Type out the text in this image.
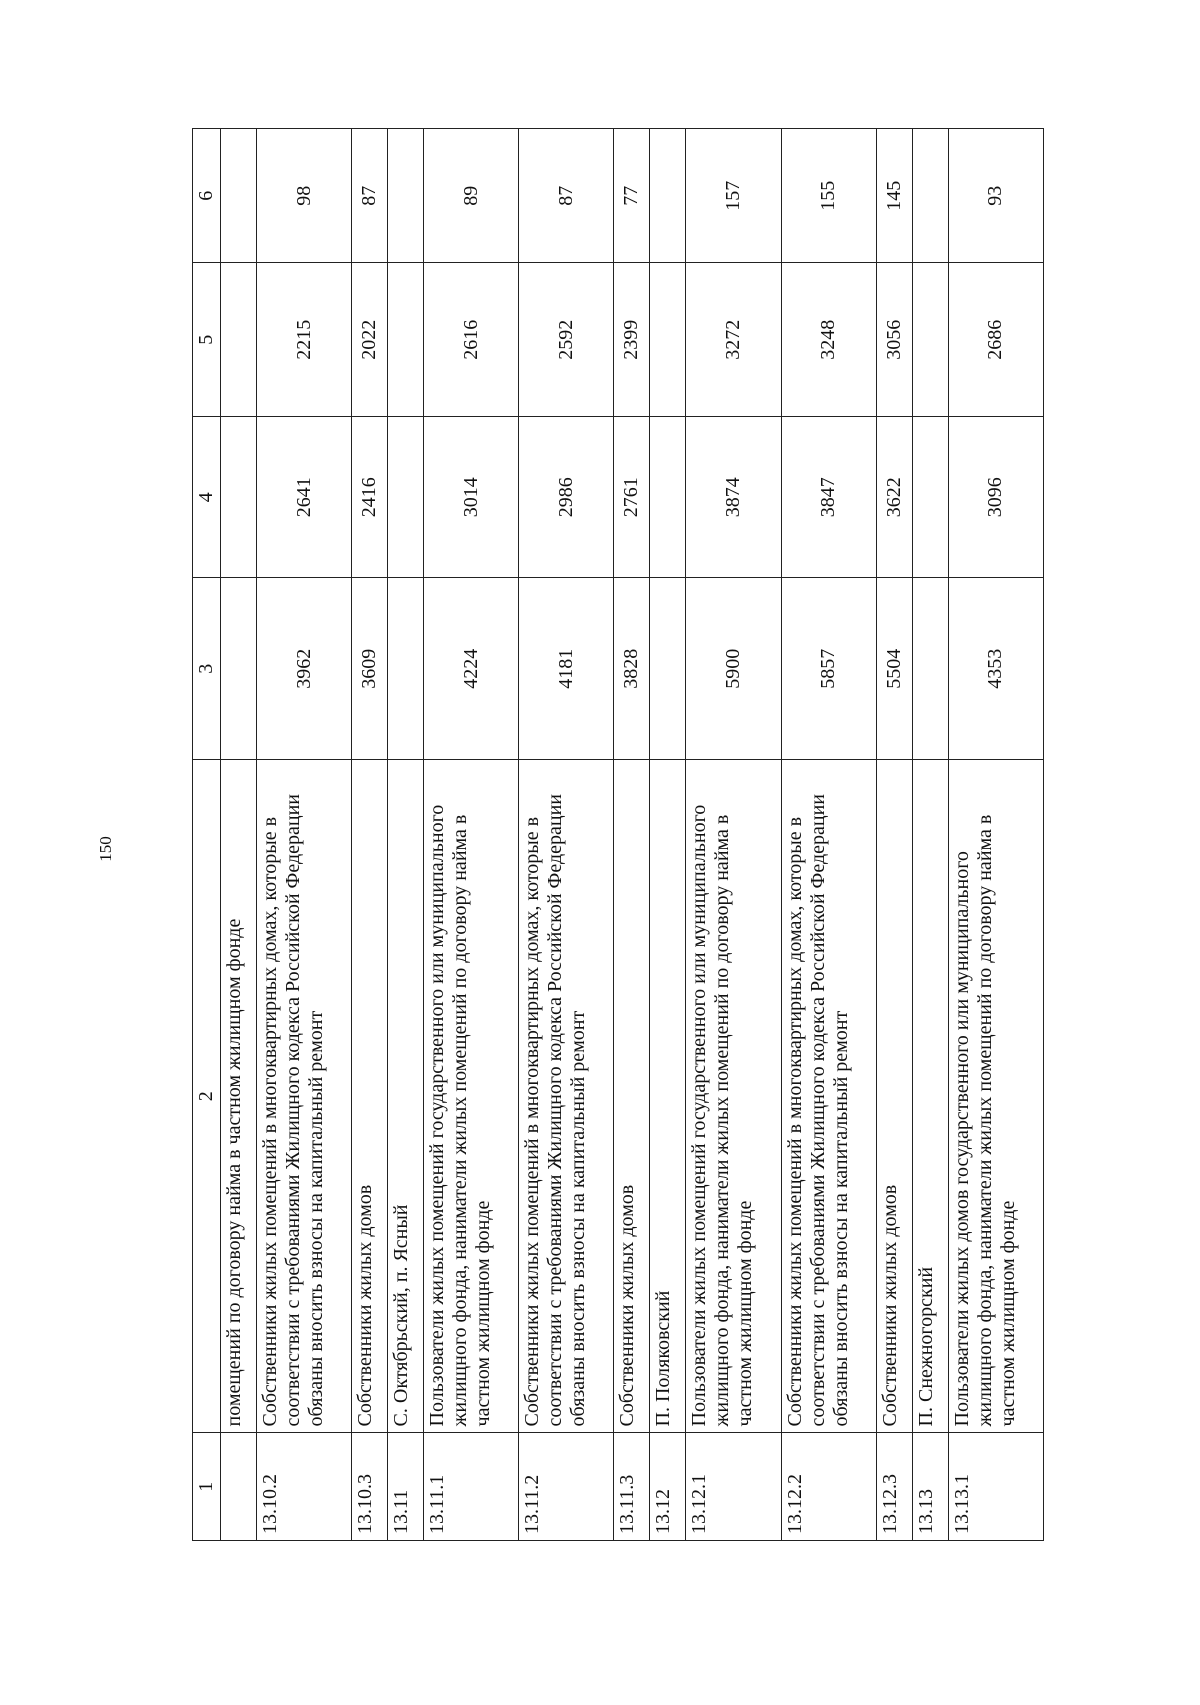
150
1	2	3	4	5	6
	помещений по договору найма в частном жилищном фонде				
13.10.2	Собственники жилых помещений в многоквартирных домах, которые в соответствии с требованиями Жилищного кодекса Российской Федерации обязаны вносить взносы на капитальный ремонт	3962	2641	2215	98
13.10.3	Собственники жилых домов	3609	2416	2022	87
13.11	С. Октябрьский, п. Ясный				
13.11.1	Пользователи жилых помещений государственного или муниципального жилищного фонда, наниматели жилых помещений по договору найма в частном жилищном фонде	4224	3014	2616	89
13.11.2	Собственники жилых помещений в многоквартирных домах, которые в соответствии с требованиями Жилищного кодекса Российской Федерации обязаны вносить взносы на капитальный ремонт	4181	2986	2592	87
13.11.3	Собственники жилых домов	3828	2761	2399	77
13.12	П. Поляковский				
13.12.1	Пользователи жилых помещений государственного или муниципального жилищного фонда, наниматели жилых помещений по договору найма в частном жилищном фонде	5900	3874	3272	157
13.12.2	Собственники жилых помещений в многоквартирных домах, которые в соответствии с требованиями Жилищного кодекса Российской Федерации обязаны вносить взносы на капитальный ремонт	5857	3847	3248	155
13.12.3	Собственники жилых домов	5504	3622	3056	145
13.13	П. Снежногорский				
13.13.1	Пользователи жилых домов государственного или муниципального жилищного фонда, наниматели жилых помещений по договору найма в частном жилищном фонде	4353	3096	2686	93
